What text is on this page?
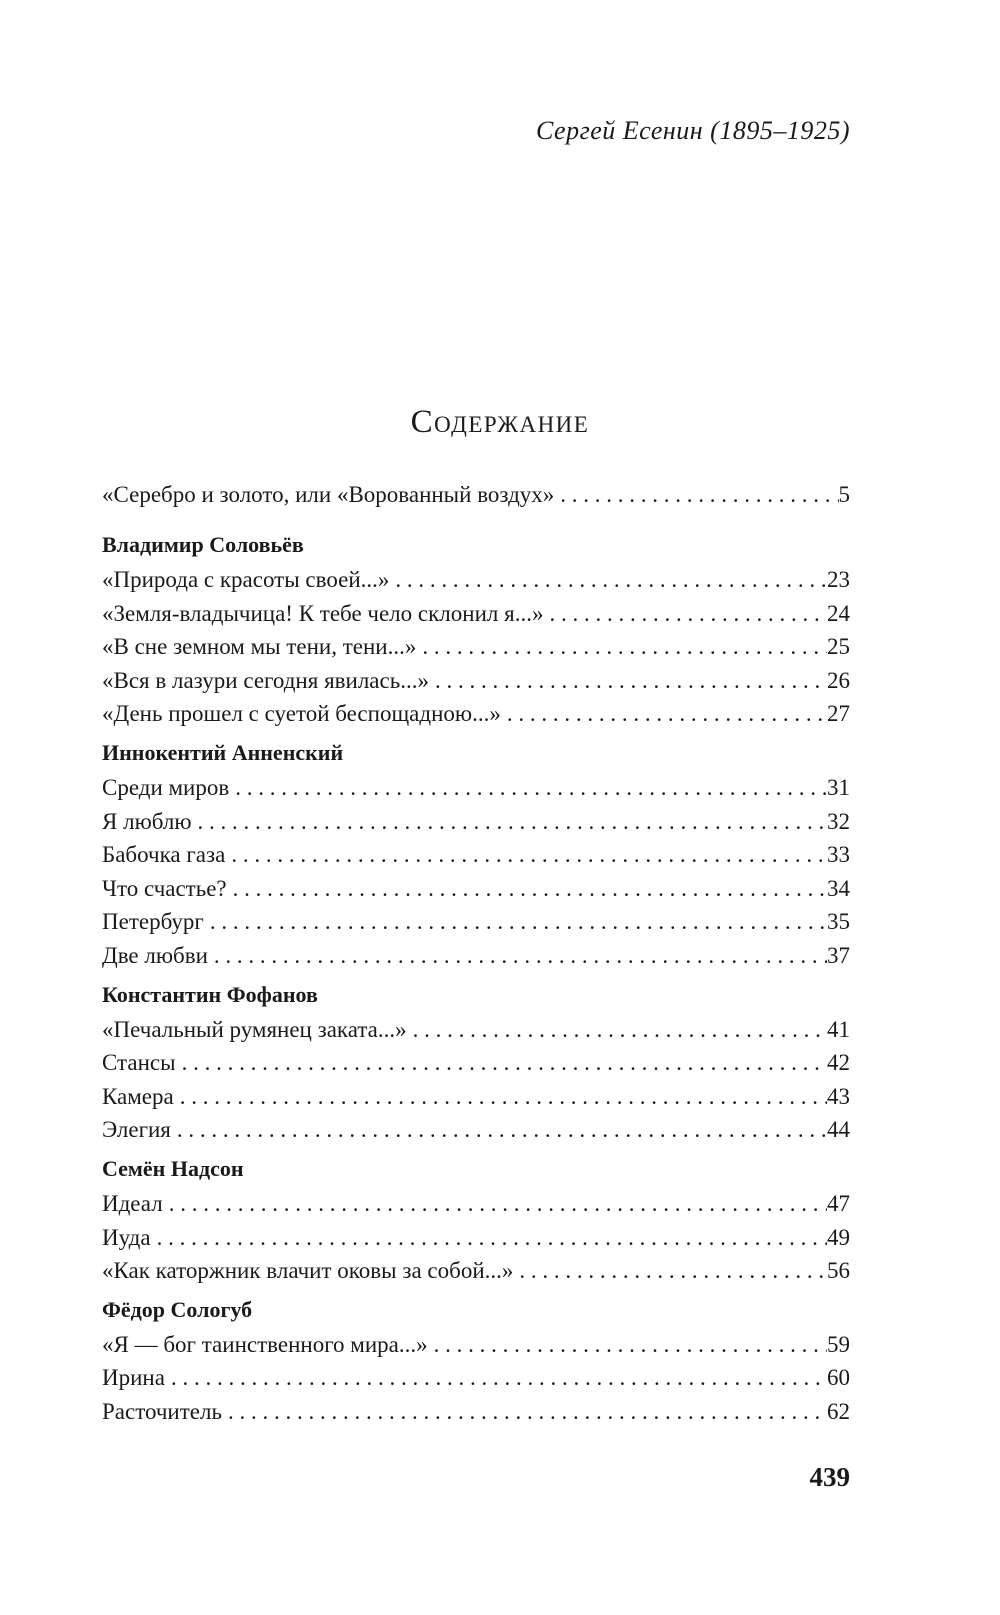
Сергей Есенин (1895–1925)
Содержание
«Серебро и золото, или «Ворованный воздух» . . .	5
Владимир Соловьёв
«Природа с красоты своей...» . . .	23
«Земля-владычица! К тебе чело склонил я...» . . .	24
«В сне земном мы тени, тени...» . . .	25
«Вся в лазури сегодня явилась...» . . .	26
«День прошел с суетой беспощадною...» . . .	27
Иннокентий Анненский
Среди миров . . .	31
Я люблю . . .	32
Бабочка газа . . .	33
Что счастье? . . .	34
Петербург . . .	35
Две любви . . .	37
Константин Фофанов
«Печальный румянец заката...» . . .	41
Стансы . . .	42
Камера . . .	43
Элегия . . .	44
Семён Надсон
Идеал . . .	47
Иуда . . .	49
«Как каторжник влачит оковы за собой...» . . .	56
Фёдор Сологуб
«Я — бог таинственного мира...» . . .	59
Ирина . . .	60
Расточитель . . .	62
439
